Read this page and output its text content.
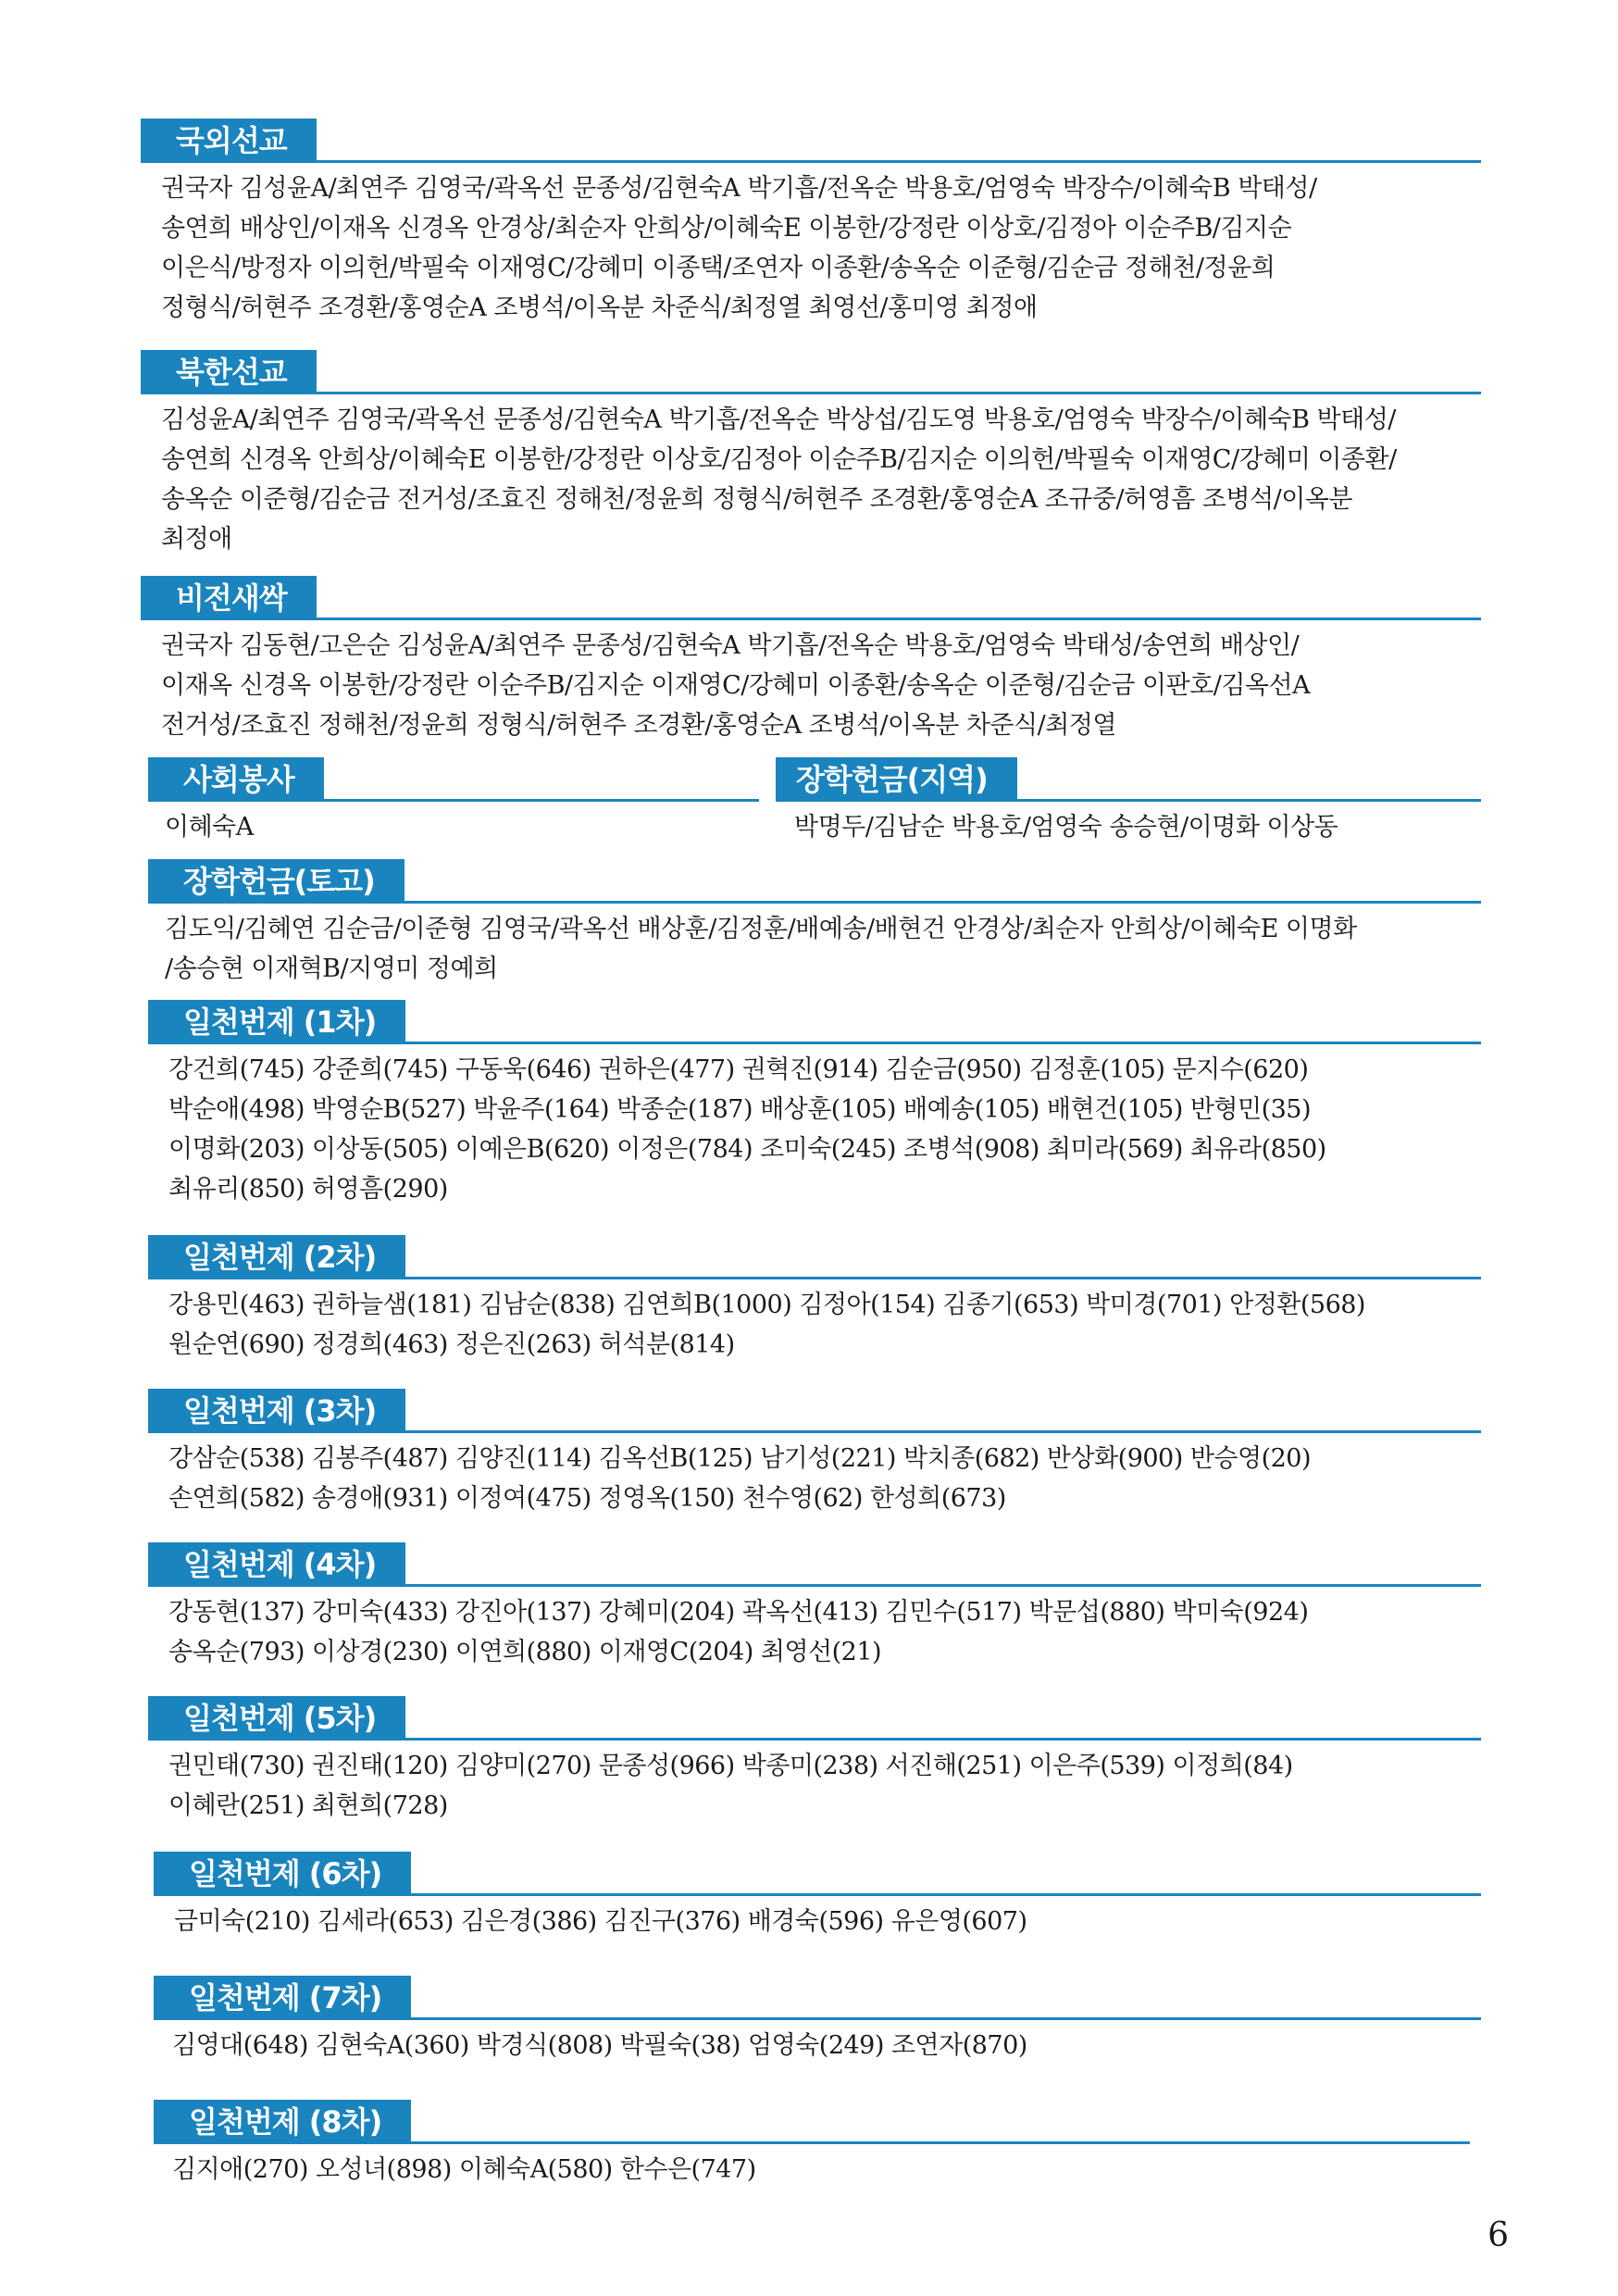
국외선교

권국자 김성윤A/최연주 김영국/곽옥선 문종성/김현숙A 박기흡/전옥순 박용호/엄영숙 박장수/이혜숙B 박태성/
송연희 배상인/이재옥 신경옥 안경상/최순자 안희상/이혜숙E 이봉한/강정란 이상호/김정아 이순주B/김지순
이은식/방정자 이의헌/박필숙 이재영C/강혜미 이종택/조연자 이종환/송옥순 이준형/김순금 정해천/정윤희
정형식/허현주 조경환/홍영순A 조병석/이옥분 차준식/최정열 최영선/홍미영 최정애

북한선교

김성윤A/최연주 김영국/곽옥선 문종성/김현숙A 박기흡/전옥순 박상섭/김도영 박용호/엄영숙 박장수/이혜숙B 박태성/
송연희 신경옥 안희상/이혜숙E 이봉한/강정란 이상호/김정아 이순주B/김지순 이의헌/박필숙 이재영C/강혜미 이종환/
송옥순 이준형/김순금 전거성/조효진 정해천/정윤희 정형식/허현주 조경환/홍영순A 조규중/허영흠 조병석/이옥분
최정애

비전새싹

권국자 김동현/고은순 김성윤A/최연주 문종성/김현숙A 박기흡/전옥순 박용호/엄영숙 박태성/송연희 배상인/
이재옥 신경옥 이봉한/강정란 이순주B/김지순 이재영C/강혜미 이종환/송옥순 이준형/김순금 이판호/김옥선A
전거성/조효진 정해천/정윤희 정형식/허현주 조경환/홍영순A 조병석/이옥분 차준식/최정열

사회봉사

이혜숙A

장학헌금(지역)

박명두/김남순 박용호/엄영숙 송승현/이명화 이상동

장학헌금(토고)

김도익/김혜연 김순금/이준형 김영국/곽옥선 배상훈/김정훈/배예송/배현건 안경상/최순자 안희상/이혜숙E 이명화
/송승현 이재혁B/지영미 정예희

일천번제 (1차)

강건희(745) 강준희(745) 구동욱(646) 권하은(477) 권혁진(914) 김순금(950) 김정훈(105) 문지수(620)
박순애(498) 박영순B(527) 박윤주(164) 박종순(187) 배상훈(105) 배예송(105) 배현건(105) 반형민(35)
이명화(203) 이상동(505) 이예은B(620) 이정은(784) 조미숙(245) 조병석(908) 최미라(569) 최유라(850)
최유리(850) 허영흠(290)

일천번제 (2차)

강용민(463) 권하늘샘(181) 김남순(838) 김연희B(1000) 김정아(154) 김종기(653) 박미경(701) 안정환(568)
원순연(690) 정경희(463) 정은진(263) 허석분(814)

일천번제 (3차)

강삼순(538) 김봉주(487) 김양진(114) 김옥선B(125) 남기성(221) 박치종(682) 반상화(900) 반승영(20)
손연희(582) 송경애(931) 이정여(475) 정영옥(150) 천수영(62) 한성희(673)

일천번제 (4차)

강동현(137) 강미숙(433) 강진아(137) 강혜미(204) 곽옥선(413) 김민수(517) 박문섭(880) 박미숙(924)
송옥순(793) 이상경(230) 이연희(880) 이재영C(204) 최영선(21)

일천번제 (5차)

권민태(730) 권진태(120) 김양미(270) 문종성(966) 박종미(238) 서진해(251) 이은주(539) 이정희(84)
이혜란(251) 최현희(728)

일천번제 (6차)

금미숙(210) 김세라(653) 김은경(386) 김진구(376) 배경숙(596) 유은영(607)

일천번제 (7차)

김영대(648) 김현숙A(360) 박경식(808) 박필숙(38) 엄영숙(249) 조연자(870)

일천번제 (8차)

김지애(270) 오성녀(898) 이혜숙A(580) 한수은(747)

6
